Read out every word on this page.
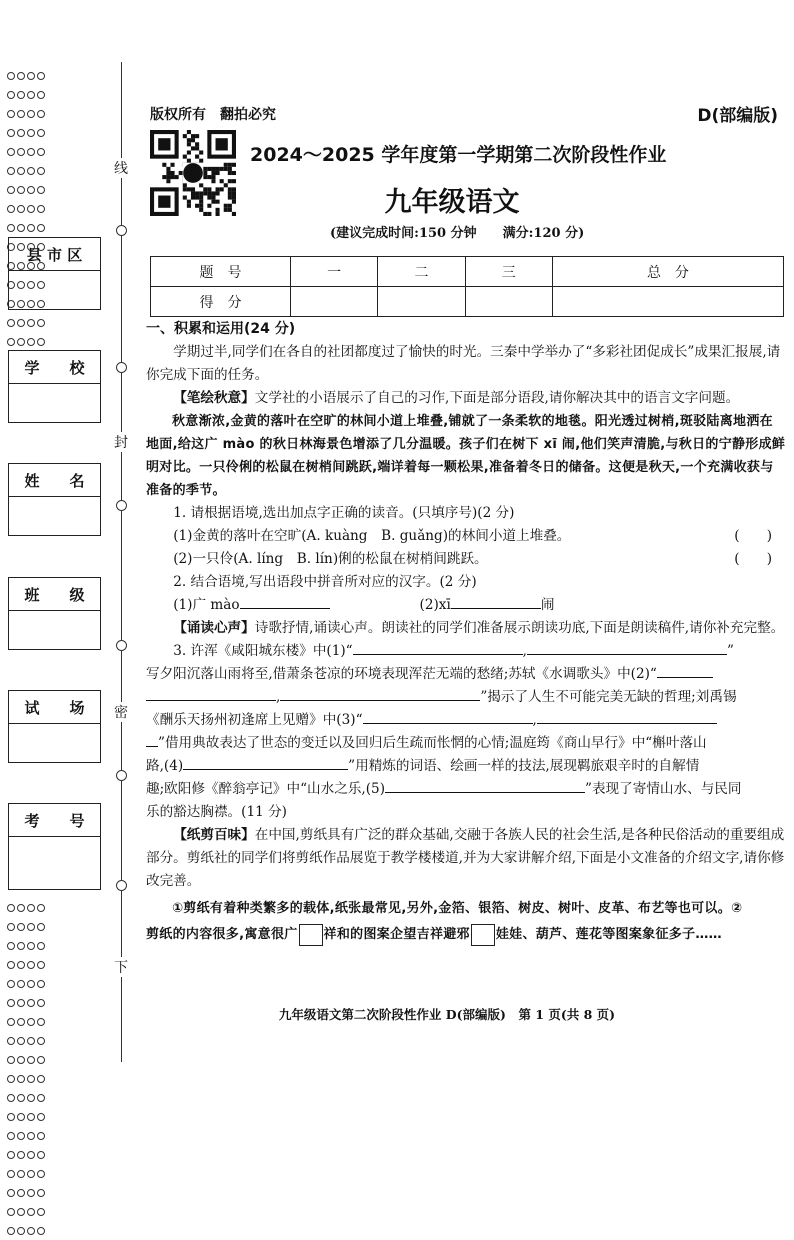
线
封
密
下
县 市 区
学　　校
姓　　名
班　　级
试　　场
考　　号
版权所有　翻拍必究	D(部编版)
2024～2025 学年度第一学期第二次阶段性作业
九年级语文
(建议完成时间:150 分钟　　满分:120 分)
题　号	一	二	三	总　分
得　分				

一、积累和运用(24 分)

学期过半,同学们在各自的社团都度过了愉快的时光。三秦中学举办了“多彩社团促成长”成果汇报展,请你完成下面的任务。

【笔绘秋意】文学社的小语展示了自己的习作,下面是部分语段,请你解决其中的语言文字问题。

秋意渐浓,金黄的落叶在空旷的林间小道上堆叠,铺就了一条柔软的地毯。阳光透过树梢,斑驳陆离地洒在地面,给这广 mào 的秋日林海景色增添了几分温暖。孩子们在树下 xī 闹,他们笑声清脆,与秋日的宁静形成鲜明对比。一只伶俐的松鼠在树梢间跳跃,端详着每一颗松果,准备着冬日的储备。这便是秋天,一个充满收获与准备的季节。

1. 请根据语境,选出加点字正确的读音。(只填序号)(2 分)

(1)金黄的落叶在空旷(A. kuàng　B. guǎng)的林间小道上堆叠。	(　　)
(2)一只伶(A. líng　B. lín)俐的松鼠在树梢间跳跃。	(　　)

2. 结合语境,写出语段中拼音所对应的汉字。(2 分)

(1)广 mào	(2)xī	闹

【诵读心声】诗歌抒情,诵读心声。朗读社的同学们准备展示朗读功底,下面是朗读稿件,请你补充完整。

3. 许浑《咸阳城东楼》中(1)“	,	”

写夕阳沉落山雨将至,借萧条苍凉的环境表现浑茫无端的愁绪;苏轼《水调歌头》中(2)“

,	”揭示了人生不可能完美无缺的哲理;刘禹锡

《酬乐天扬州初逢席上见赠》中(3)“	,

”借用典故表达了世态的变迁以及回归后生疏而怅惘的心情;温庭筠《商山早行》中“槲叶落山

路,(4)	”用精炼的词语、绘画一样的技法,展现羁旅艰辛时的自解情

趣;欧阳修《醉翁亭记》中“山水之乐,(5)	”表现了寄情山水、与民同

乐的豁达胸襟。(11 分)

【纸剪百味】在中国,剪纸具有广泛的群众基础,交融于各族人民的社会生活,是各种民俗活动的重要组成部分。剪纸社的同学们将剪纸作品展览于教学楼楼道,并为大家讲解介绍,下面是小文准备的介绍文字,请你修改完善。

①剪纸有着种类繁多的载体,纸张最常见,另外,金箔、银箔、树皮、树叶、皮革、布艺等也可以。②

剪纸的内容很多,寓意很广 祥和的图案企望吉祥避邪 娃娃、葫芦、莲花等图案象征多子……

九年级语文第二次阶段性作业 D(部编版)　第 1 页(共 8 页)
